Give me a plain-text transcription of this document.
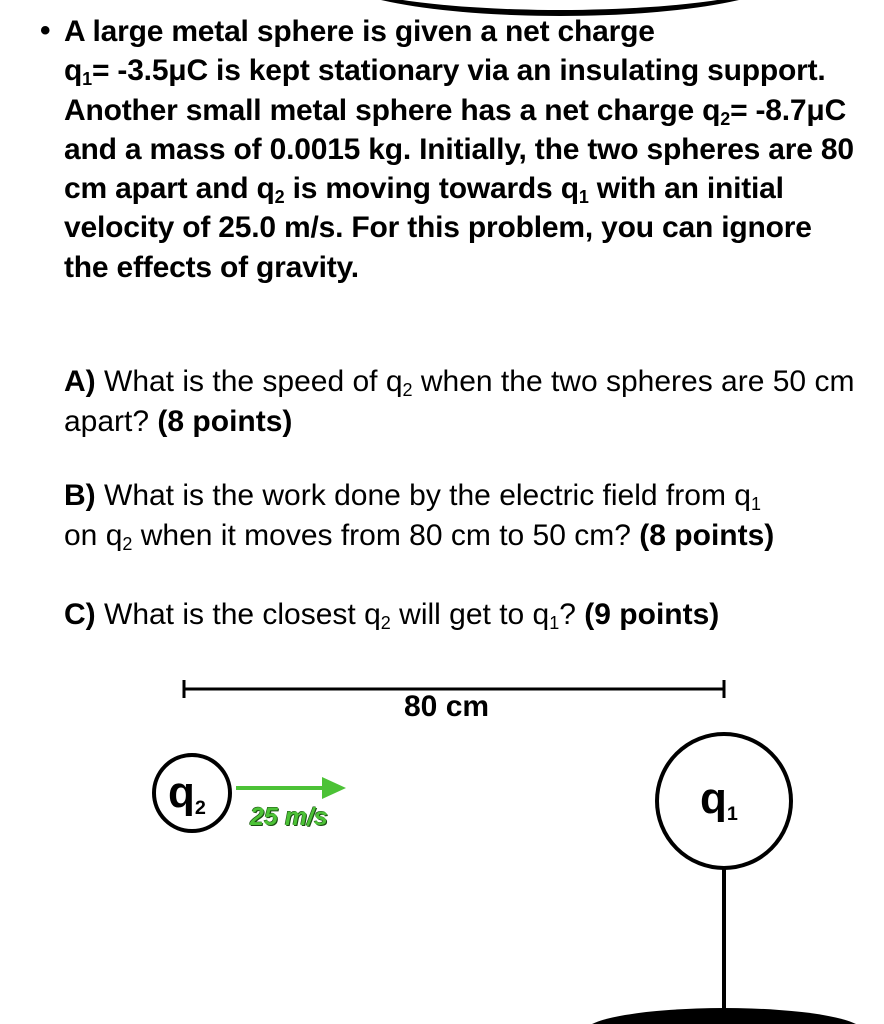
• A large metal sphere is given a net charge
$q_1= -3.5\mu C$ is kept stationary via an insulating support. Another small metal sphere has a net charge $q_2= -8.7\mu C$ and a mass of 0.0015 kg. Initially, the two spheres are 80 cm apart and $q_2$ is moving towards $q_1$ with an initial velocity of 25.0 m/s. For this problem, you can ignore the effects of gravity.
A) What is the speed of $q_2$ when the two spheres are 50 cm apart? (8 points)
B) What is the work done by the electric field from $q_1$
on $q_2$ when it moves from 80 cm to 50 cm? (8 points)
C) What is the closest $q_2$ will get to $q_1$? (9 points)
80 cm
25 m/s
$q_2$	$q_1$
